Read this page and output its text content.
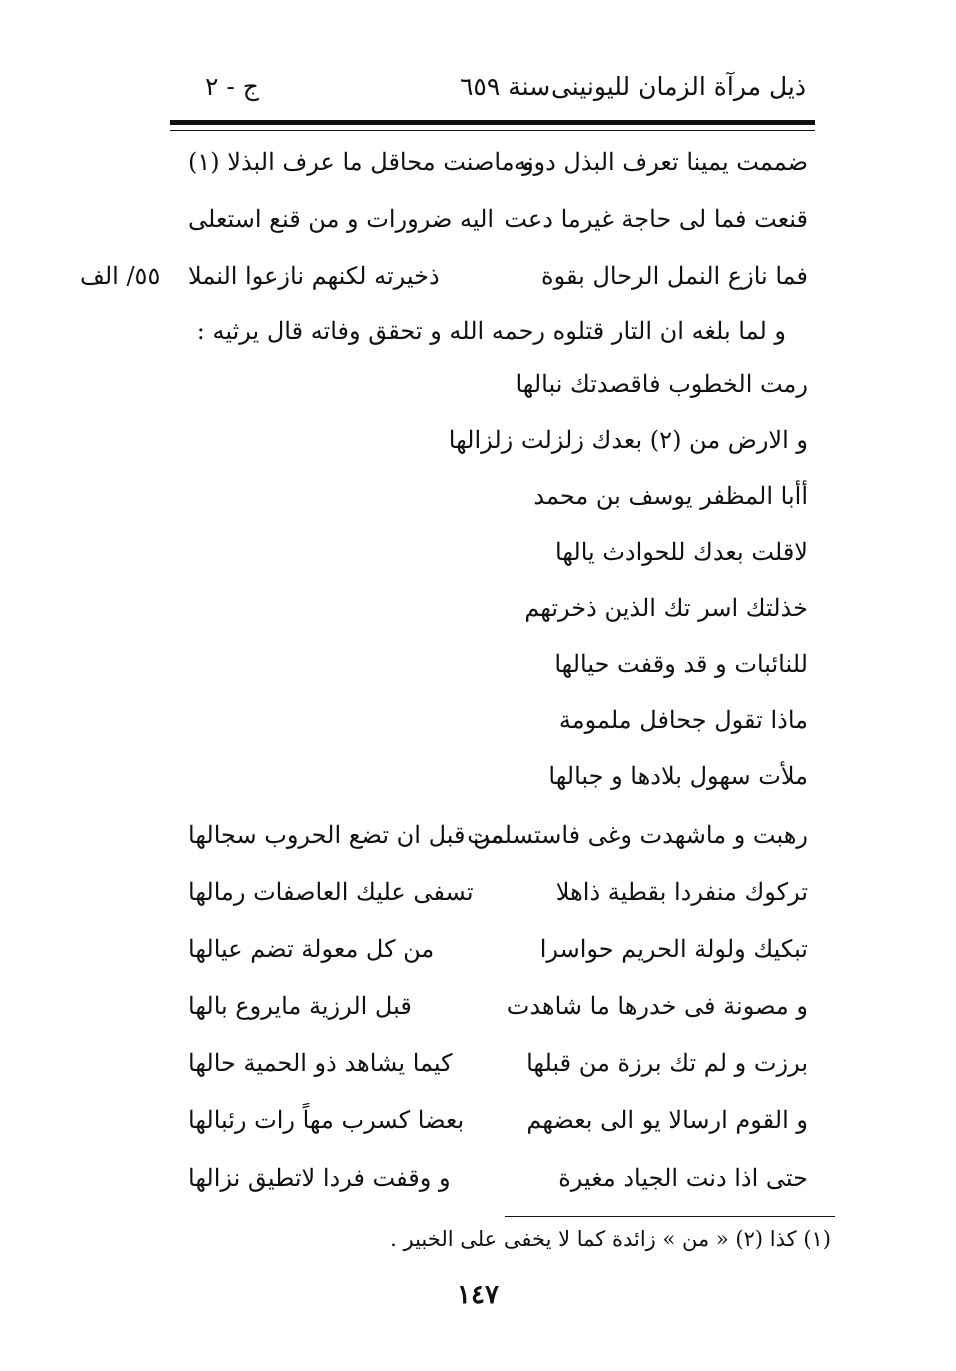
ذيل مرآة الزمان لليونينى
سنة ٦٥٩
ج - ٢
٥٥/ الف
ضممت يمينا تعرف البذل دونه
و ماصنت محاقل ما عرف البذلا (١)
قنعت فما لى حاجة غيرما دعت
اليه ضرورات و من قنع استعلى
فما نازع النمل الرحال بقوة
ذخيرته لكنهم نازعوا النملا
و لما بلغه ان التار قتلوه رحمه الله و تحقق وفاته قال يرثيه :
رمت الخطوب فاقصدتك نبالها
و الارض من (٢) بعدك زلزلت زلزالها
أأبا المظفر يوسف بن محمد
لاقلت بعدك للحوادث يالها
خذلتك اسر تك الذين ذخرتهم
للنائبات و قد وقفت حيالها
ماذا تقول جحافل ملمومة
ملأت سهول بلادها و جبالها
رهبت و ماشهدت وغى فاستسلمت
من قبل ان تضع الحروب سجالها
تركوك منفردا بقطية ذاهلا
تسفى عليك العاصفات رمالها
تبكيك ولولة الحريم حواسرا
من كل معولة تضم عيالها
و مصونة فى خدرها ما شاهدت
قبل الرزية مايروع بالها
برزت و لم تك برزة من قبلها
كيما يشاهد ذو الحمية حالها
و القوم ارسالا يو الى بعضهم
بعضا كسرب مهاً رات رئبالها
حتى اذا دنت الجياد مغيرة
و وقفت فردا لاتطيق نزالها
(١) كذا (٢) « من » زائدة كما لا يخفى على الخبير .
١٤٧
